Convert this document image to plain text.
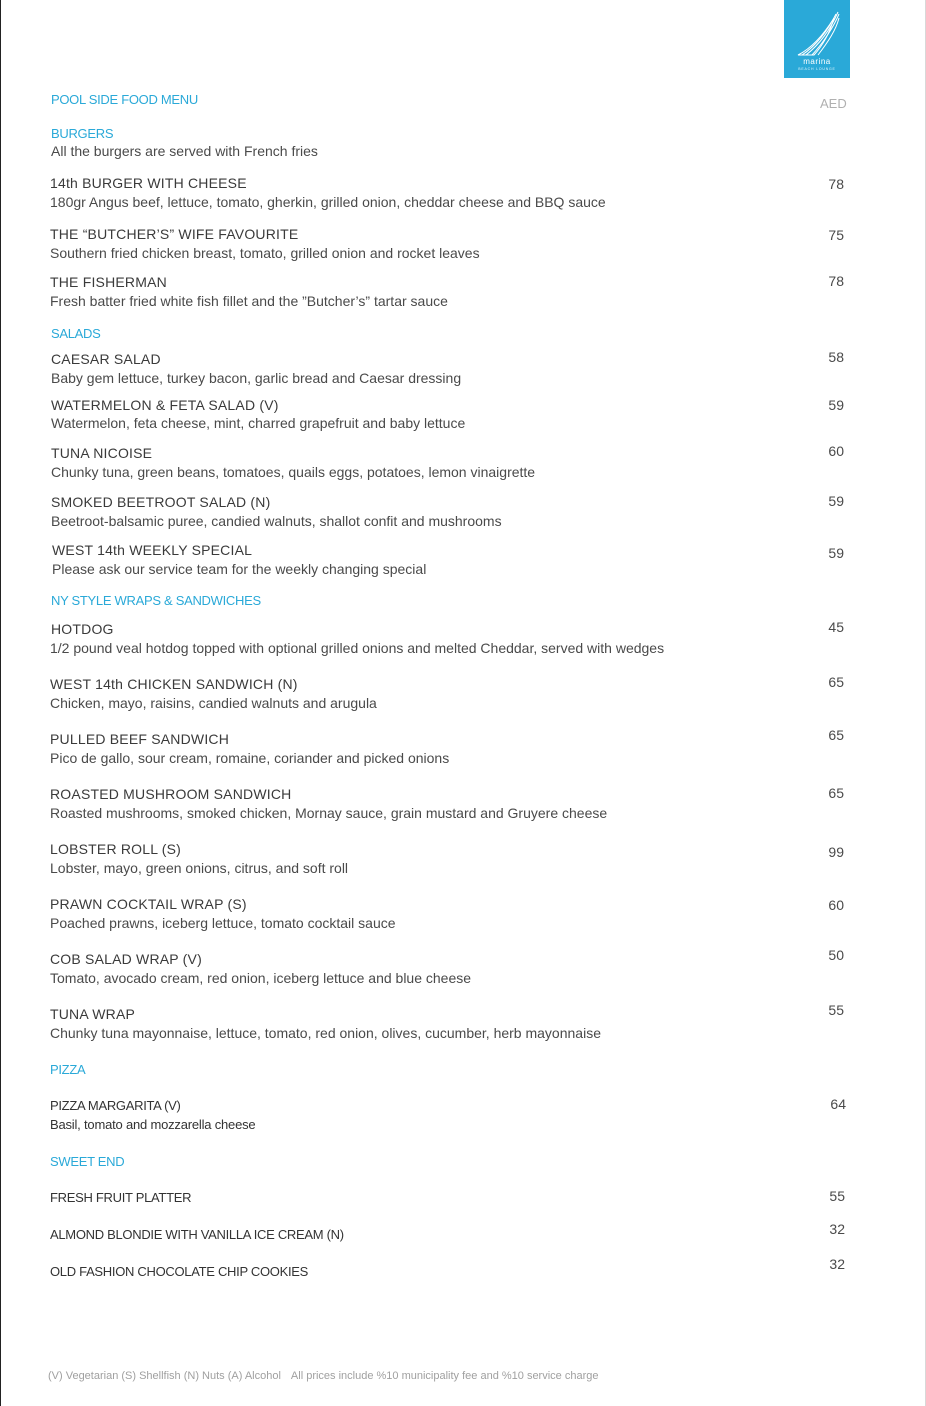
marina
BEACH LOUNGE
POOL SIDE FOOD MENU	AED
BURGERS
All the burgers are served with French fries
14th BURGER WITH CHEESE
180gr Angus beef, lettuce, tomato, gherkin, grilled onion, cheddar cheese and BBQ sauce
78
THE “BUTCHER’S” WIFE FAVOURITE
Southern fried chicken breast, tomato, grilled onion and rocket leaves
75
THE FISHERMAN
Fresh batter fried white fish fillet and the ”Butcher’s” tartar sauce
78
SALADS
CAESAR SALAD
Baby gem lettuce, turkey bacon, garlic bread and Caesar dressing
58
WATERMELON & FETA SALAD (V)
Watermelon, feta cheese, mint, charred grapefruit and baby lettuce
59
TUNA NICOISE
Chunky tuna, green beans, tomatoes, quails eggs, potatoes, lemon vinaigrette
60
SMOKED BEETROOT SALAD (N)
Beetroot-balsamic puree, candied walnuts, shallot confit and mushrooms
59
WEST 14th WEEKLY SPECIAL
Please ask our service team for the weekly changing special
59
NY STYLE WRAPS & SANDWICHES
HOTDOG
1/2 pound veal hotdog topped with optional grilled onions and melted Cheddar, served with wedges
45
WEST 14th CHICKEN SANDWICH (N)
Chicken, mayo, raisins, candied walnuts and arugula
65
PULLED BEEF SANDWICH
Pico de gallo, sour cream, romaine, coriander and picked onions
65
ROASTED MUSHROOM SANDWICH
Roasted mushrooms, smoked chicken, Mornay sauce, grain mustard and Gruyere cheese
65
LOBSTER ROLL (S)
Lobster, mayo, green onions, citrus, and soft roll
99
PRAWN COCKTAIL WRAP (S)
Poached prawns, iceberg lettuce, tomato cocktail sauce
60
COB SALAD WRAP (V)
Tomato, avocado cream, red onion, iceberg lettuce and blue cheese
50
TUNA WRAP
Chunky tuna mayonnaise, lettuce, tomato, red onion, olives, cucumber, herb mayonnaise
55
PIZZA
PIZZA MARGARITA (V)
Basil, tomato and mozzarella cheese
64
SWEET END
FRESH FRUIT PLATTER	55
ALMOND BLONDIE WITH VANILLA ICE CREAM (N)	32
OLD FASHION CHOCOLATE CHIP COOKIES	32
(V) Vegetarian (S) Shellfish (N) Nuts (A) Alcohol All prices include %10 municipality fee and %10 service charge
